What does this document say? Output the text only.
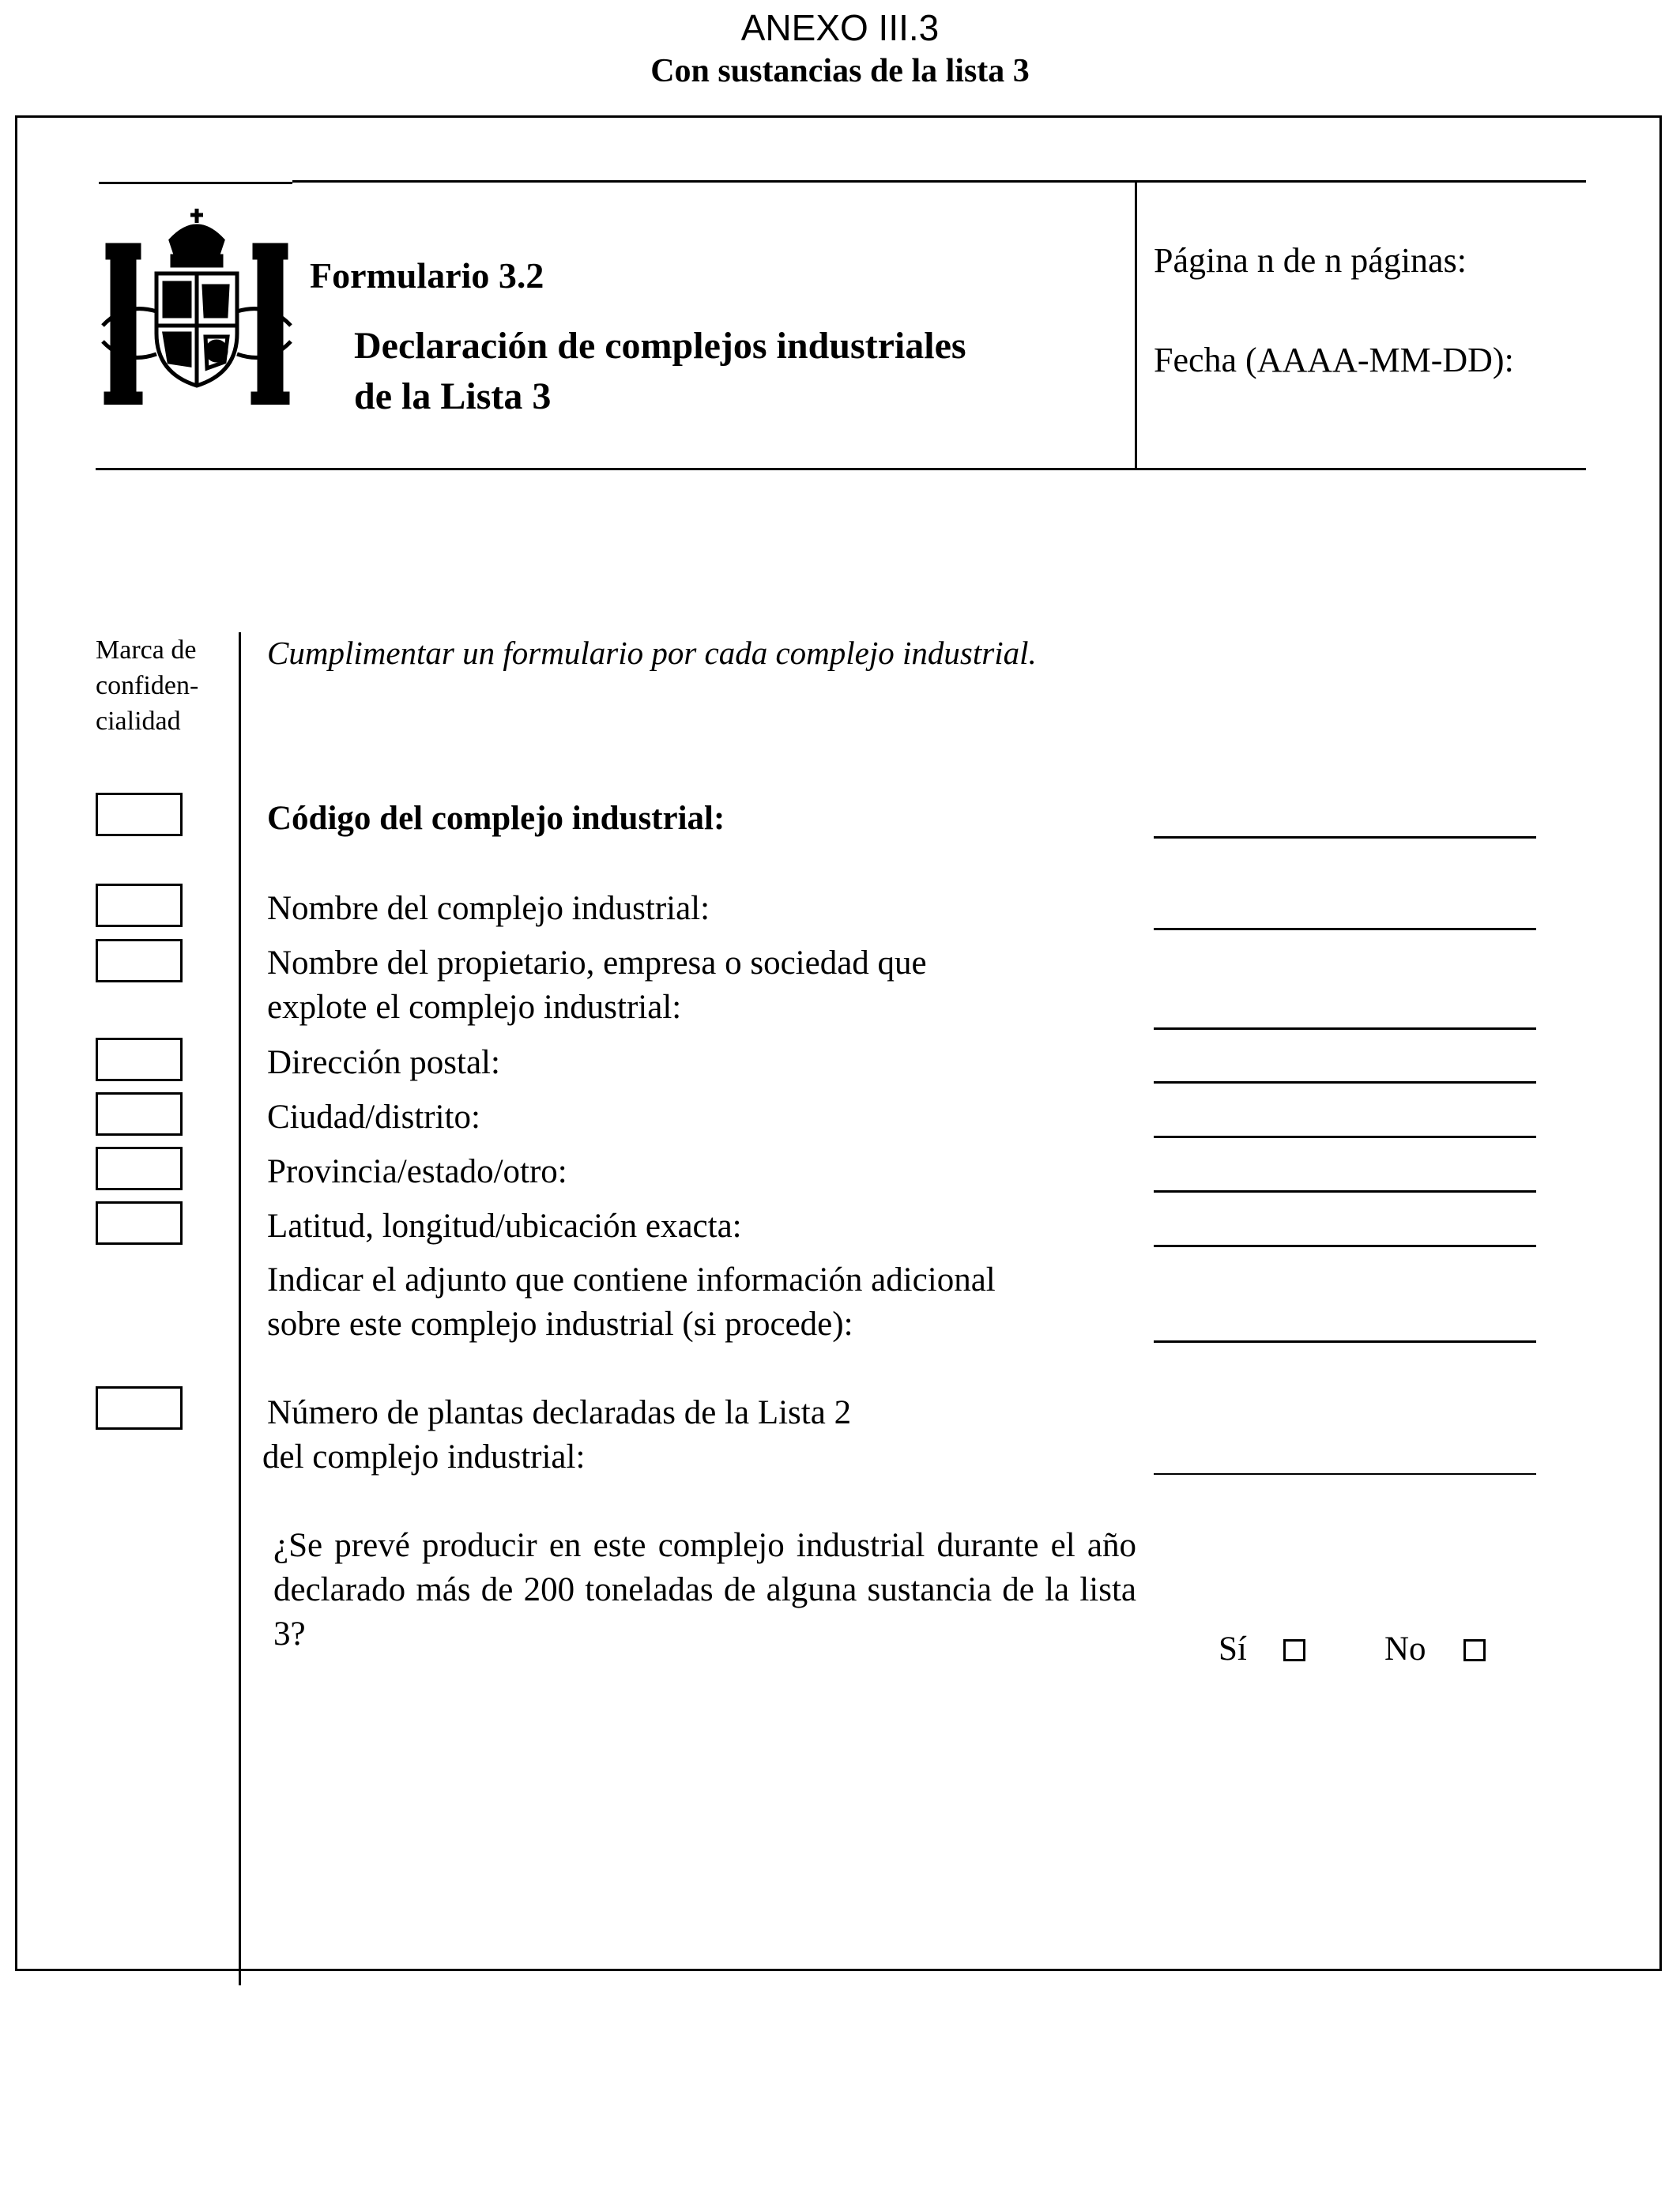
ANEXO III.3
Con sustancias de la lista 3
Formulario 3.2
Declaración de complejos industriales
de la Lista 3
Página n de n páginas:
Fecha (AAAA-MM-DD):
Marca de confiden-cialidad
Cumplimentar un formulario por cada complejo industrial.
Código del complejo industrial:
Nombre del complejo industrial:
Nombre del propietario, empresa o sociedad que
explote el complejo industrial:
Dirección postal:
Ciudad/distrito:
Provincia/estado/otro:
Latitud, longitud/ubicación exacta:
Indicar el adjunto que contiene información adicional
sobre este complejo industrial (si procede):
Número de plantas declaradas de la Lista 2
del complejo industrial:
¿Se prevé producir en este complejo industrial durante el año declarado más de 200 toneladas de alguna sustancia de la lista 3?	Sí	No
